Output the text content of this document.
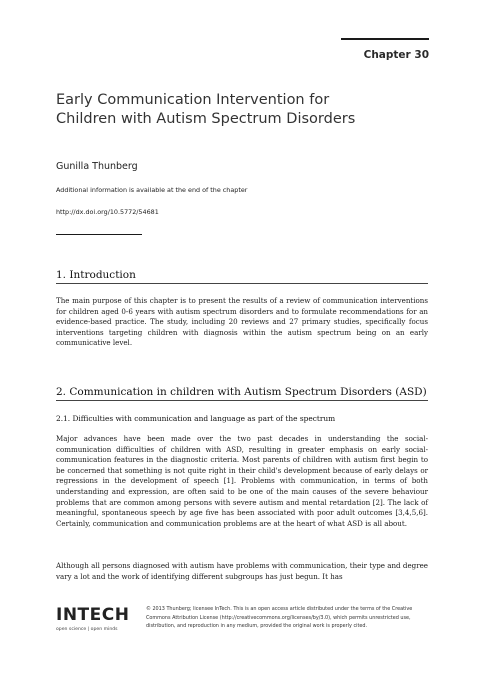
Chapter 30
Early Communication Intervention for
Children with Autism Spectrum Disorders
Gunilla Thunberg
Additional information is available at the end of the chapter
http://dx.doi.org/10.5772/54681
1. Introduction
The main purpose of this chapter is to present the results of a review of communication interventions for children aged 0-6 years with autism spectrum disorders and to formulate recommendations for an evidence-based practice. The study, including 20 reviews and 27 primary studies, specifically focus interventions targeting children with diagnosis within the autism spectrum being on an early communicative level.
2. Communication in children with Autism Spectrum Disorders (ASD)
2.1. Difficulties with communication and language as part of the spectrum
Major advances have been made over the two past decades in understanding the social-communication difficulties of children with ASD, resulting in greater emphasis on early social-communication features in the diagnostic criteria. Most parents of children with autism first begin to be concerned that something is not quite right in their child's development because of early delays or regressions in the development of speech [1]. Problems with communication, in terms of both understanding and expression, are often said to be one of the main causes of the severe behaviour problems that are common among persons with severe autism and mental retardation [2]. The lack of meaningful, spontaneous speech by age five has been associated with poor adult outcomes [3,4,5,6]. Certainly, communication and communication problems are at the heart of what ASD is all about.
Although all persons diagnosed with autism have problems with communication, their type and degree vary a lot and the work of identifying different subgroups has just begun. It has
INTECH
open science | open minds
© 2013 Thunberg; licensee InTech. This is an open access article distributed under the terms of the Creative Commons Attribution License (http://creativecommons.org/licenses/by/3.0), which permits unrestricted use, distribution, and reproduction in any medium, provided the original work is properly cited.
